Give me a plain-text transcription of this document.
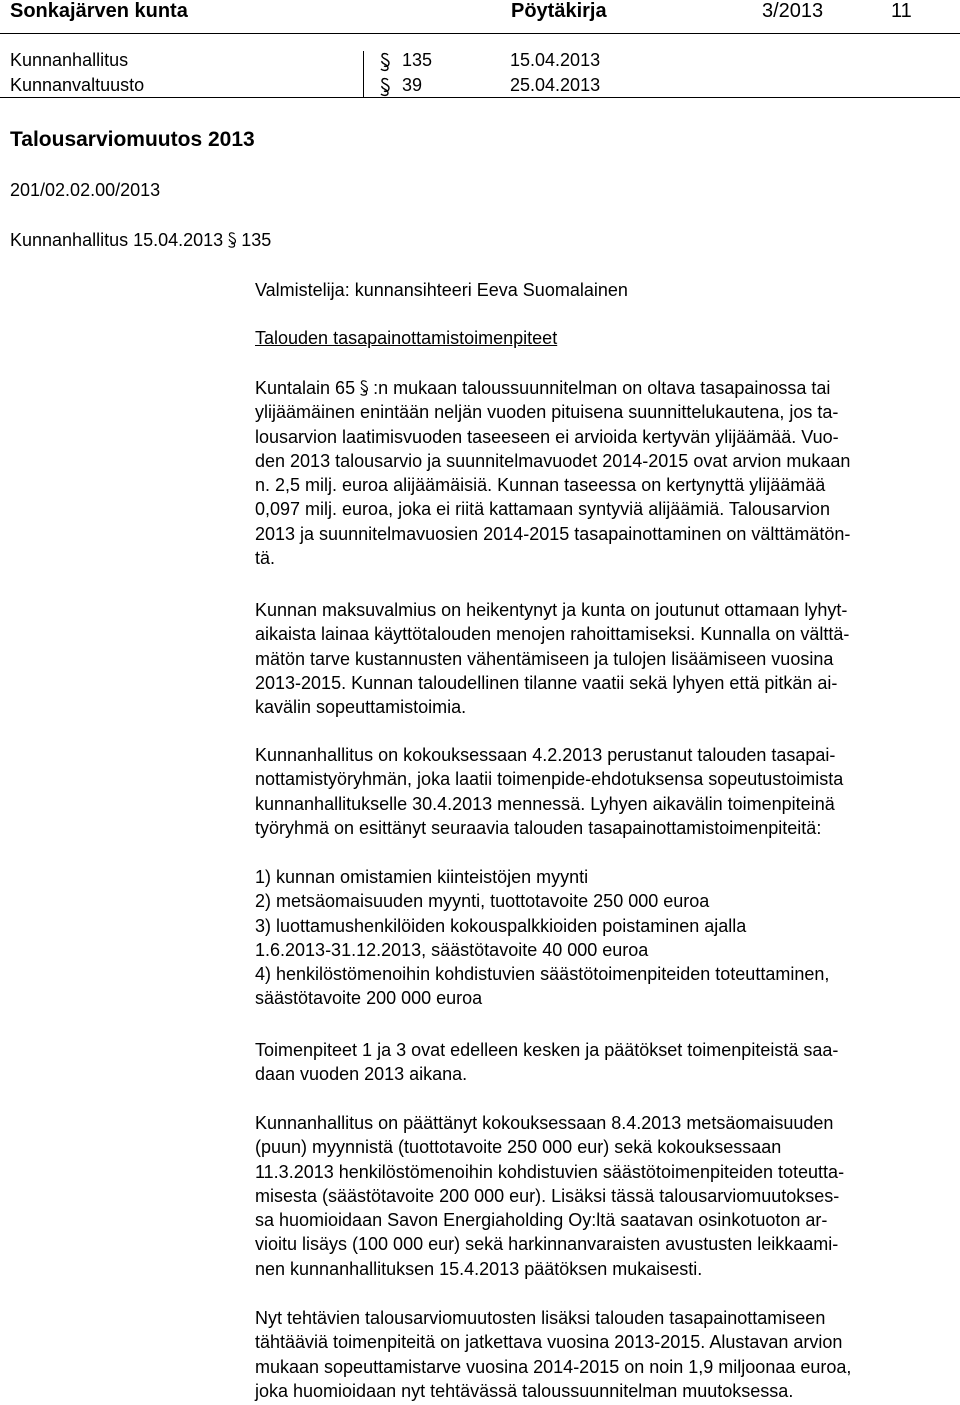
Sonkajärven kunta	Pöytäkirja	3/2013	11
Kunnanhallitus	135	15.04.2013
Kunnanvaltuusto	39	25.04.2013
Talousarviomuutos 2013
201/02.02.00/2013
Kunnanhallitus 15.04.2013 135
Valmistelija: kunnansihteeri Eeva Suomalainen
Talouden tasapainottamistoimenpiteet

Kuntalain 65 :n mukaan taloussuunnitelman on oltava tasapainossa tai

ylijäämäinen enintään neljän vuoden pituisena suunnittelukautena, jos ta-

lousarvion laatimisvuoden taseeseen ei arvioida kertyvän ylijäämää. Vuo-

den 2013 talousarvio ja suunnitelmavuodet 2014-2015 ovat arvion mukaan

n. 2,5 milj. euroa alijäämäisiä. Kunnan taseessa on kertynyttä ylijäämää

0,097 milj. euroa, joka ei riitä kattamaan syntyviä alijäämiä. Talousarvion

2013 ja suunnitelmavuosien 2014-2015 tasapainottaminen on välttämätön-

tä.

Kunnan maksuvalmius on heikentynyt ja kunta on joutunut ottamaan lyhyt-

aikaista lainaa käyttötalouden menojen rahoittamiseksi. Kunnalla on välttä-

mätön tarve kustannusten vähentämiseen ja tulojen lisäämiseen vuosina

2013-2015. Kunnan taloudellinen tilanne vaatii sekä lyhyen että pitkän ai-

kavälin sopeuttamistoimia.

Kunnanhallitus on kokouksessaan 4.2.2013 perustanut talouden tasapai-

nottamistyöryhmän, joka laatii toimenpide-ehdotuksensa sopeutustoimista

kunnanhallitukselle 30.4.2013 mennessä. Lyhyen aikavälin toimenpiteinä

työryhmä on esittänyt seuraavia talouden tasapainottamistoimenpiteitä:

1) kunnan omistamien kiinteistöjen myynti

2) metsäomaisuuden myynti, tuottotavoite 250 000 euroa

3) luottamushenkilöiden kokouspalkkioiden poistaminen ajalla

1.6.2013-31.12.2013, säästötavoite 40 000 euroa

4) henkilöstömenoihin kohdistuvien säästötoimenpiteiden toteuttaminen,

säästötavoite 200 000 euroa

Toimenpiteet 1 ja 3 ovat edelleen kesken ja päätökset toimenpiteistä saa-

daan vuoden 2013 aikana.

Kunnanhallitus on päättänyt kokouksessaan 8.4.2013 metsäomaisuuden

(puun) myynnistä (tuottotavoite 250 000 eur) sekä kokouksessaan

11.3.2013 henkilöstömenoihin kohdistuvien säästötoimenpiteiden toteutta-

misesta (säästötavoite 200 000 eur). Lisäksi tässä talousarviomuutokses-

sa huomioidaan Savon Energiaholding Oy:ltä saatavan osinkotuoton ar-

vioitu lisäys (100 000 eur) sekä harkinnanvaraisten avustusten leikkaami-

nen kunnanhallituksen 15.4.2013 päätöksen mukaisesti.

Nyt tehtävien talousarviomuutosten lisäksi talouden tasapainottamiseen

tähtääviä toimenpiteitä on jatkettava vuosina 2013-2015. Alustavan arvion

mukaan sopeuttamistarve vuosina 2014-2015 on noin 1,9 miljoonaa euroa,

joka huomioidaan nyt tehtävässä taloussuunnitelman muutoksessa.
